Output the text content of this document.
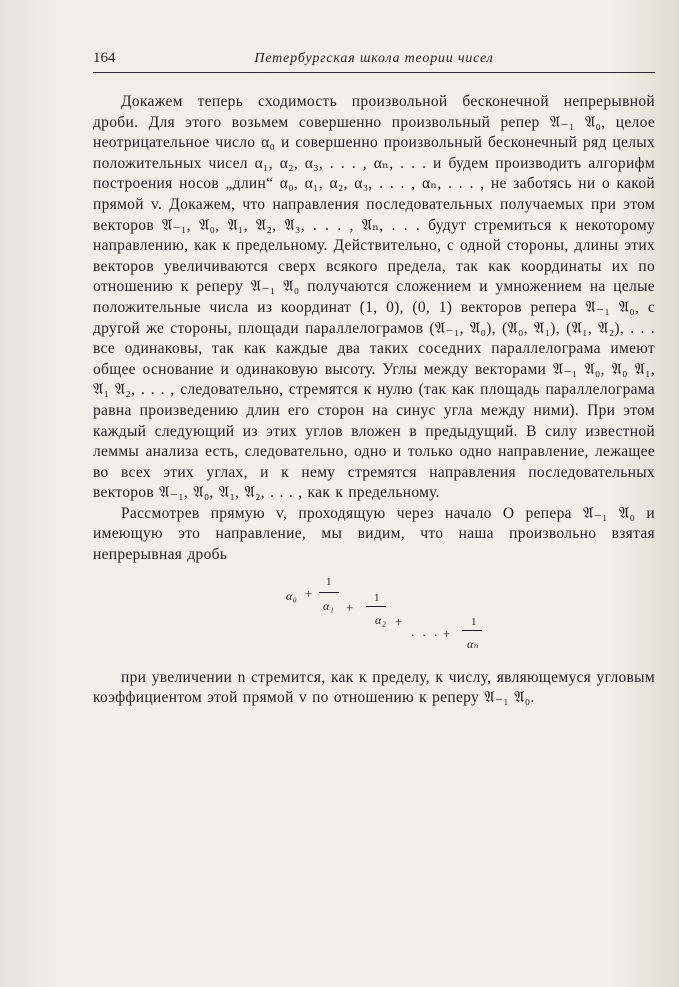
164	Петербургская школа теории чисел

Докажем теперь сходимость произвольной бесконечной непрерывной дроби. Для этого возьмем совершенно произвольный репер 𝔄₋₁ 𝔄₀, целое неотрицательное число α₀ и совершенно произвольный бесконечный ряд целых положительных чисел α₁, α₂, α₃, . . . , αₙ, . . . и будем производить алгорифм построения носов „длин“ α₀, α₁, α₂, α₃, . . . , αₙ, . . . , не заботясь ни о какой прямой v. Докажем, что направления последовательных получаемых при этом векторов 𝔄₋₁, 𝔄₀, 𝔄₁, 𝔄₂, 𝔄₃, . . . , 𝔄ₙ, . . . будут стремиться к некоторому направлению, как к предельному. Действительно, с одной стороны, длины этих векторов увеличиваются сверх всякого предела, так как координаты их по отношению к реперу 𝔄₋₁ 𝔄₀ получаются сложением и умножением на целые положительные числа из координат (1, 0), (0, 1) векторов репера 𝔄₋₁ 𝔄₀, с другой же стороны, площади параллелограмов (𝔄₋₁, 𝔄₀), (𝔄₀, 𝔄₁), (𝔄₁, 𝔄₂), . . . все одинаковы, так как каждые два таких соседних параллелограма имеют общее основание и одинаковую высоту. Углы между векторами 𝔄₋₁ 𝔄₀, 𝔄₀ 𝔄₁, 𝔄₁ 𝔄₂, . . . , следовательно, стремятся к нулю (так как площадь параллелограма равна произведению длин его сторон на синус угла между ними). При этом каждый следующий из этих углов вложен в предыдущий. В силу известной леммы анализа есть, следовательно, одно и только одно направление, лежащее во всех этих углах, и к нему стремятся направления последовательных векторов 𝔄₋₁, 𝔄₀, 𝔄₁, 𝔄₂, . . . , как к предельному.

Рассмотрев прямую v, проходящую через начало O репера 𝔄₋₁ 𝔄₀ и имеющую это направление, мы видим, что наша произвольно взятая непрерывная дробь

α₀ +
1
α₁ +
1
α₂ +
. . . +
1
αₙ

при увеличении n стремится, как к пределу, к числу, являющемуся угловым коэффициентом этой прямой v по отношению к реперу 𝔄₋₁ 𝔄₀.
